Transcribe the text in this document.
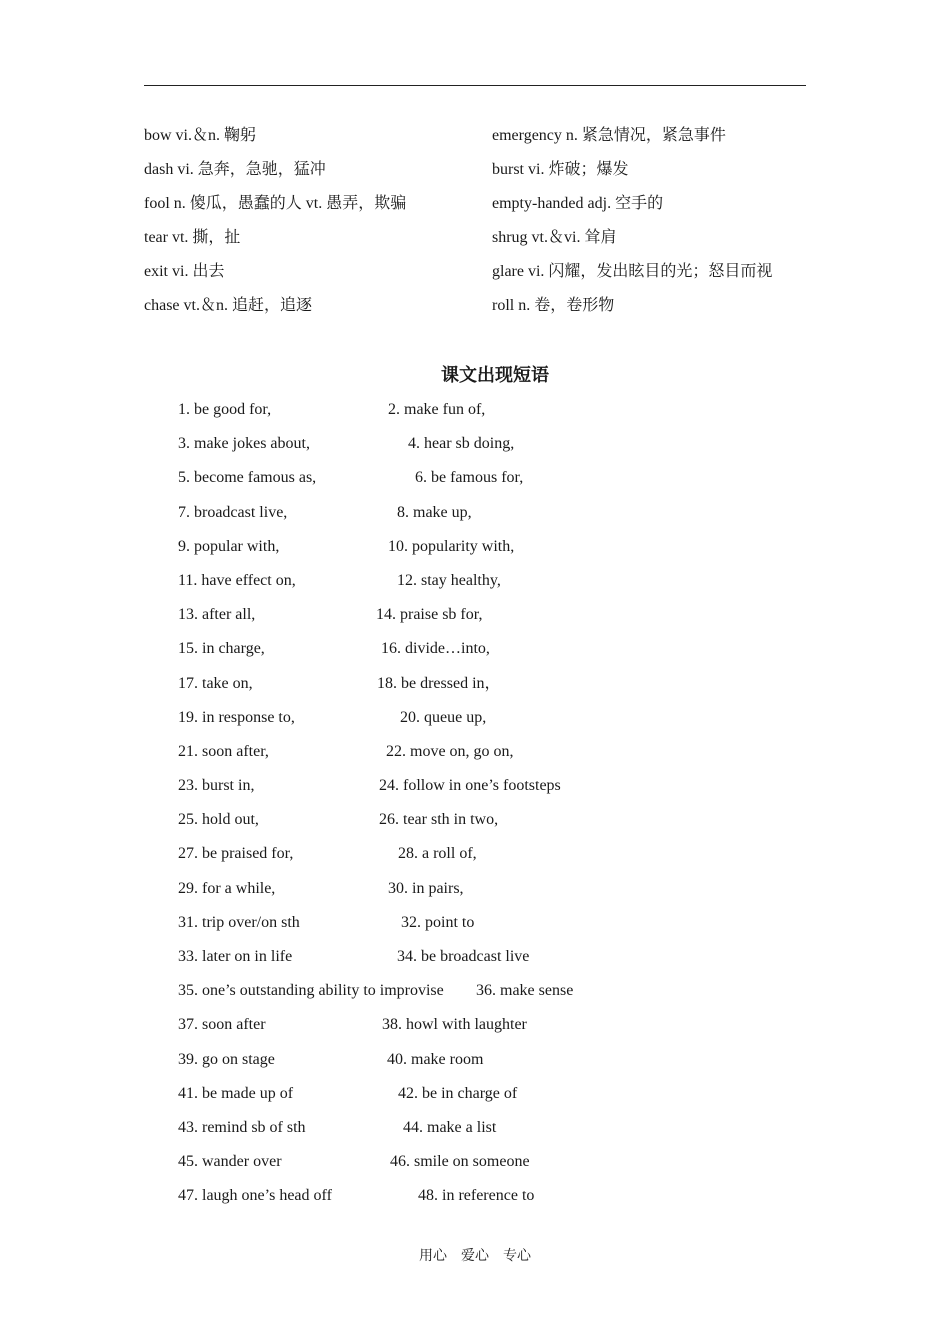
bow vi.＆n. 鞠躬	emergency n. 紧急情况，紧急事件
dash vi. 急奔，急驰，猛冲	burst vi. 炸破；爆发
fool n. 傻瓜，愚蠢的人 vt. 愚弄，欺骗	empty-handed adj. 空手的
tear vt. 撕，扯	shrug vt.＆vi. 耸肩
exit vi. 出去	glare vi. 闪耀，发出眩目的光；怒目而视
chase vt.＆n. 追赶，追逐	roll n. 卷，卷形物
课文出现短语
1. be good for,	2. make fun of,
3. make jokes about,	4. hear sb doing,
5. become famous as,	6. be famous for,
7. broadcast live,	8. make up,
9. popular with,	10. popularity with,
11. have effect on,	12. stay healthy,
13. after all,	14. praise sb for,
15. in charge,	16. divide…into,
17. take on,	18. be dressed in，
19. in response to,	20. queue up,
21. soon after,	22. move on, go on,
23. burst in,	24. follow in one’s footsteps
25. hold out,	26. tear sth in two,
27. be praised for,	28. a roll of,
29. for a while,	30. in pairs,
31. trip over/on sth	32. point to
33. later on in life	34. be broadcast live
35. one’s outstanding ability to improvise 36. make sense
37. soon after	38. howl with laughter
39. go on stage	40. make room
41. be made up of	42. be in charge of
43. remind sb of sth	44. make a list
45. wander over	46. smile on someone
47. laugh one’s head off	48. in reference to
用心　爱心　专心
